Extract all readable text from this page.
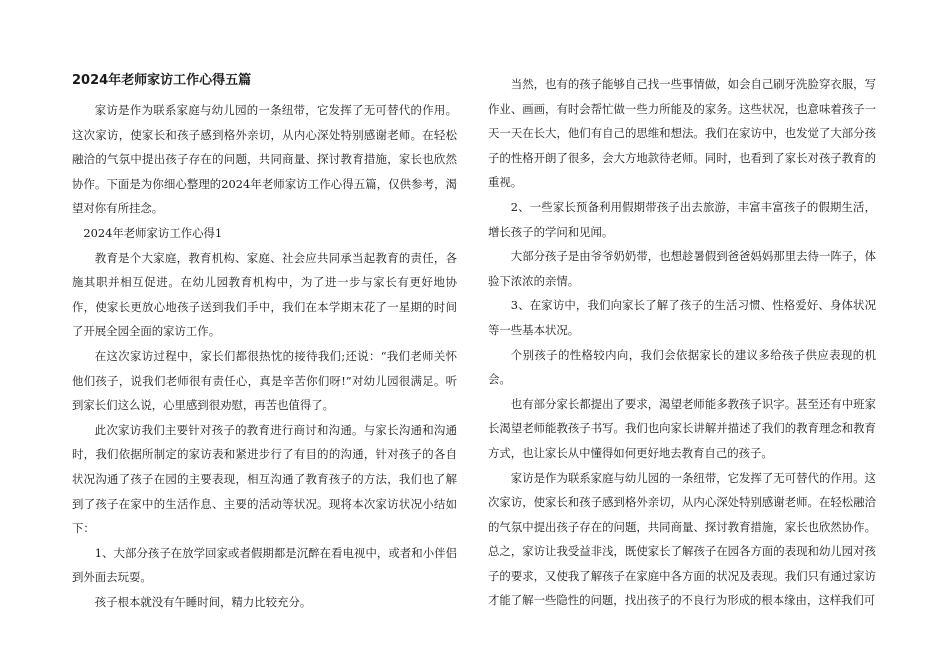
2024年老师家访工作心得五篇

家访是作为联系家庭与幼儿园的一条纽带，它发挥了无可替代的作用。这次家访，使家长和孩子感到格外亲切，从内心深处特别感谢老师。在轻松融洽的气氛中提出孩子存在的问题，共同商量、探讨教育措施，家长也欣然协作。下面是为你细心整理的2024年老师家访工作心得五篇，仅供参考，渴望对你有所挂念。

2024年老师家访工作心得1

教育是个大家庭，教育机构、家庭、社会应共同承当起教育的责任，各施其职并相互促进。在幼儿园教育机构中，为了进一步与家长有更好地协作，使家长更放心地孩子送到我们手中，我们在本学期末花了一星期的时间了开展全园全面的家访工作。

在这次家访过程中，家长们都很热忱的接待我们;还说：“我们老师关怀他们孩子，说我们老师很有责任心，真是辛苦你们呀!”对幼儿园很满足。听到家长们这么说，心里感到很劝慰，再苦也值得了。

此次家访我们主要针对孩子的教育进行商讨和沟通。与家长沟通和沟通时，我们依据所制定的家访表和紧进步行了有目的的沟通，针对孩子的各自状况沟通了孩子在园的主要表现，相互沟通了教育孩子的方法，我们也了解到了孩子在家中的生活作息、主要的活动等状况。现将本次家访状况小结如下：

1、大部分孩子在放学回家或者假期都是沉醉在看电视中，或者和小伴侣到外面去玩耍。

孩子根本就没有午睡时间，精力比较充分。

当然，也有的孩子能够自己找一些事情做，如会自己刷牙洗脸穿衣服，写作业、画画，有时会帮忙做一些力所能及的家务。这些状况，也意味着孩子一天一天在长大，他们有自己的思维和想法。我们在家访中，也发觉了大部分孩子的性格开朗了很多，会大方地款待老师。同时，也看到了家长对孩子教育的重视。

2、一些家长预备利用假期带孩子出去旅游，丰富丰富孩子的假期生活，增长孩子的学问和见闻。

大部分孩子是由爷爷奶奶带，也想趁暑假到爸爸妈妈那里去待一阵子，体验下浓浓的亲情。

3、在家访中，我们向家长了解了孩子的生活习惯、性格爱好、身体状况等一些基本状况。

个别孩子的性格较内向，我们会依据家长的建议多给孩子供应表现的机会。

也有部分家长都提出了要求，渴望老师能多教孩子识字。甚至还有中班家长渴望老师能教孩子书写。我们也向家长讲解并描述了我们的教育理念和教育方式，也让家长从中懂得如何更好地去教育自己的孩子。

家访是作为联系家庭与幼儿园的一条纽带，它发挥了无可替代的作用。这次家访，使家长和孩子感到格外亲切，从内心深处特别感谢老师。在轻松融洽的气氛中提出孩子存在的问题，共同商量、探讨教育措施，家长也欣然协作。总之，家访让我受益非浅，既使家长了解孩子在园各方面的表现和幼儿园对孩子的要求，又使我了解孩子在家庭中各方面的状况及表现。我们只有通过家访才能了解一些隐性的问题，找出孩子的不良行为形成的根本缘由，这样我们可
